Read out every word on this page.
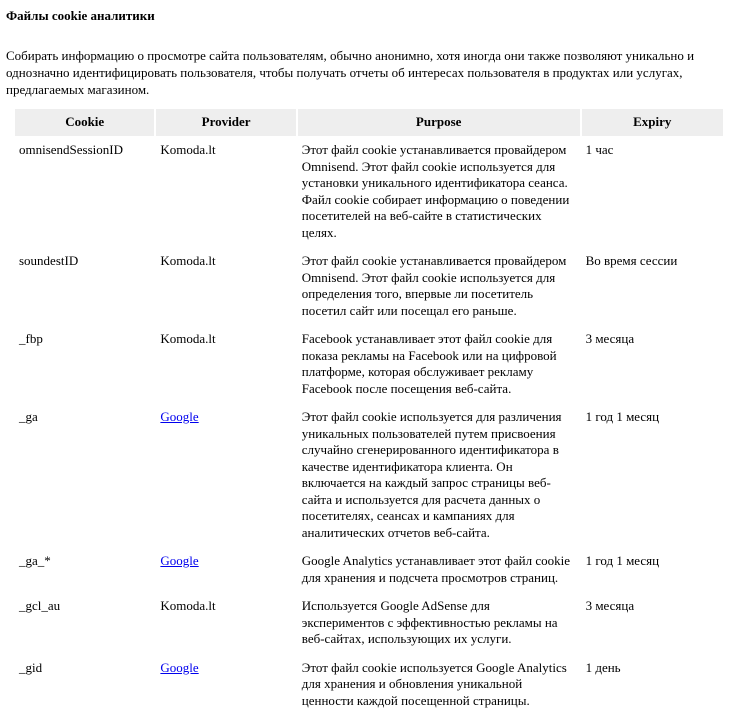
Файлы cookie аналитики
Собирать информацию о просмотре сайта пользователям, обычно анонимно, хотя иногда они также позволяют уникально и однозначно идентифицировать пользователя, чтобы получать отчеты об интересах пользователя в продуктах или услугах, предлагаемых магазином.
Cookie	Provider	Purpose	Expiry
omnisendSessionID	Komoda.lt	Этот файл cookie устанавливается провайдером Omnisend. Этот файл cookie используется для установки уникального идентификатора сеанса. Файл cookie собирает информацию о поведении посетителей на веб-сайте в статистических целях.	1 час

soundestID	Komoda.lt	Этот файл cookie устанавливается провайдером Omnisend. Этот файл cookie используется для определения того, впервые ли посетитель посетил сайт или посещал его раньше.	Во время сессии

_fbp	Komoda.lt	Facebook устанавливает этот файл cookie для показа рекламы на Facebook или на цифровой платформе, которая обслуживает рекламу Facebook после посещения веб-сайта.	3 месяца

_ga	Google	Этот файл cookie используется для различения уникальных пользователей путем присвоения случайно сгенерированного идентификатора в качестве идентификатора клиента. Он включается на каждый запрос страницы веб-сайта и используется для расчета данных о посетителях, сеансах и кампаниях для аналитических отчетов веб-сайта.	1 год 1 месяц

_ga_*	Google	Google Analytics устанавливает этот файл cookie для хранения и подсчета просмотров страниц.	1 год 1 месяц

_gcl_au	Komoda.lt	Используется Google AdSense для экспериментов с эффективностью рекламы на веб-сайтах, использующих их услуги.	3 месяца

_gid	Google	Этот файл cookie используется Google Analytics для хранения и обновления уникальной ценности каждой посещенной страницы.	1 день
